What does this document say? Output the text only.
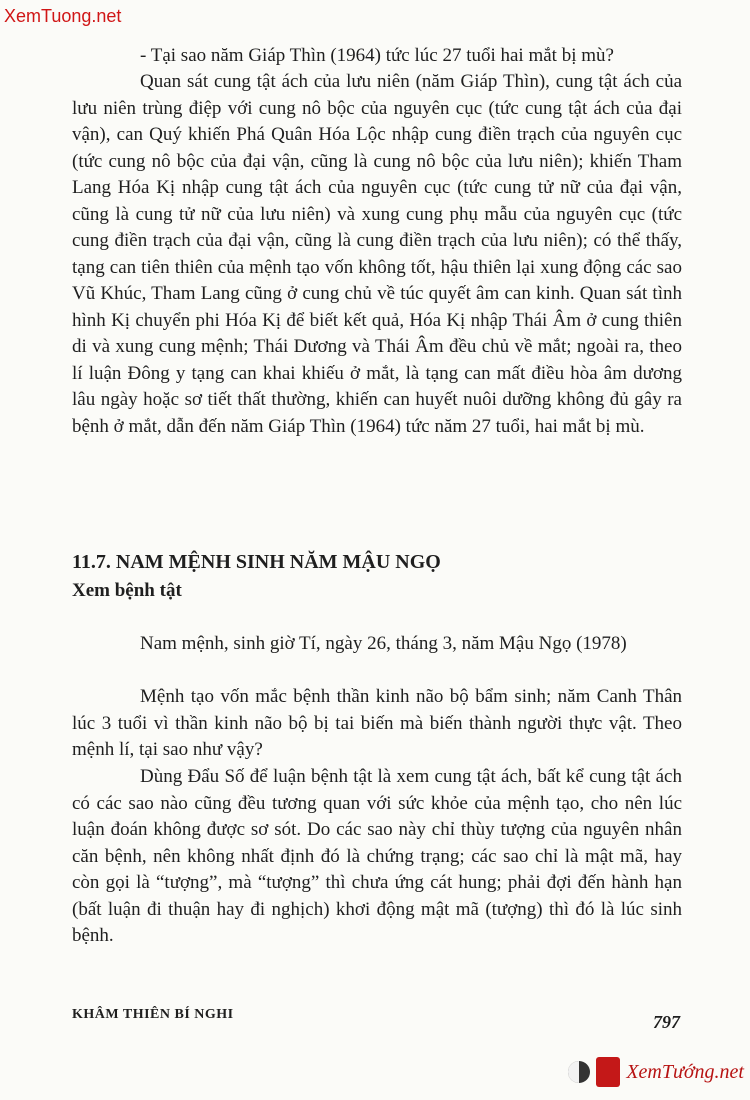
XemTuong.net

- Tại sao năm Giáp Thìn (1964) tức lúc 27 tuổi hai mắt bị mù?

Quan sát cung tật ách của lưu niên (năm Giáp Thìn), cung tật ách của lưu niên trùng điệp với cung nô bộc của nguyên cục (tức cung tật ách của đại vận), can Quý khiến Phá Quân Hóa Lộc nhập cung điền trạch của nguyên cục (tức cung nô bộc của đại vận, cũng là cung nô bộc của lưu niên); khiến Tham Lang Hóa Kị nhập cung tật ách của nguyên cục (tức cung tử nữ của đại vận, cũng là cung tử nữ của lưu niên) và xung cung phụ mẫu của nguyên cục (tức cung điền trạch của đại vận, cũng là cung điền trạch của lưu niên); có thể thấy, tạng can tiên thiên của mệnh tạo vốn không tốt, hậu thiên lại xung động các sao Vũ Khúc, Tham Lang cũng ở cung chủ về túc quyết âm can kinh. Quan sát tình hình Kị chuyển phi Hóa Kị để biết kết quả, Hóa Kị nhập Thái Âm ở cung thiên di và xung cung mệnh; Thái Dương và Thái Âm đều chủ về mắt; ngoài ra, theo lí luận Đông y tạng can khai khiếu ở mắt, là tạng can mất điều hòa âm dương lâu ngày hoặc sơ tiết thất thường, khiến can huyết nuôi dưỡng không đủ gây ra bệnh ở mắt, dẫn đến năm Giáp Thìn (1964) tức năm 27 tuổi, hai mắt bị mù.

11.7. NAM MỆNH SINH NĂM MẬU NGỌ
Xem bệnh tật

Nam mệnh, sinh giờ Tí, ngày 26, tháng 3, năm Mậu Ngọ (1978)

Mệnh tạo vốn mắc bệnh thần kinh não bộ bẩm sinh; năm Canh Thân lúc 3 tuổi vì thần kinh não bộ bị tai biến mà biến thành người thực vật. Theo mệnh lí, tại sao như vậy?

Dùng Đẩu Số để luận bệnh tật là xem cung tật ách, bất kể cung tật ách có các sao nào cũng đều tương quan với sức khỏe của mệnh tạo, cho nên lúc luận đoán không được sơ sót. Do các sao này chỉ thùy tượng của nguyên nhân căn bệnh, nên không nhất định đó là chứng trạng; các sao chỉ là mật mã, hay còn gọi là “tượng”, mà “tượng” thì chưa ứng cát hung; phải đợi đến hành hạn (bất luận đi thuận hay đi nghịch) khơi động mật mã (tượng) thì đó là lúc sinh bệnh.

KHÂM THIÊN BÍ NGHI	797
XemTướng.net
